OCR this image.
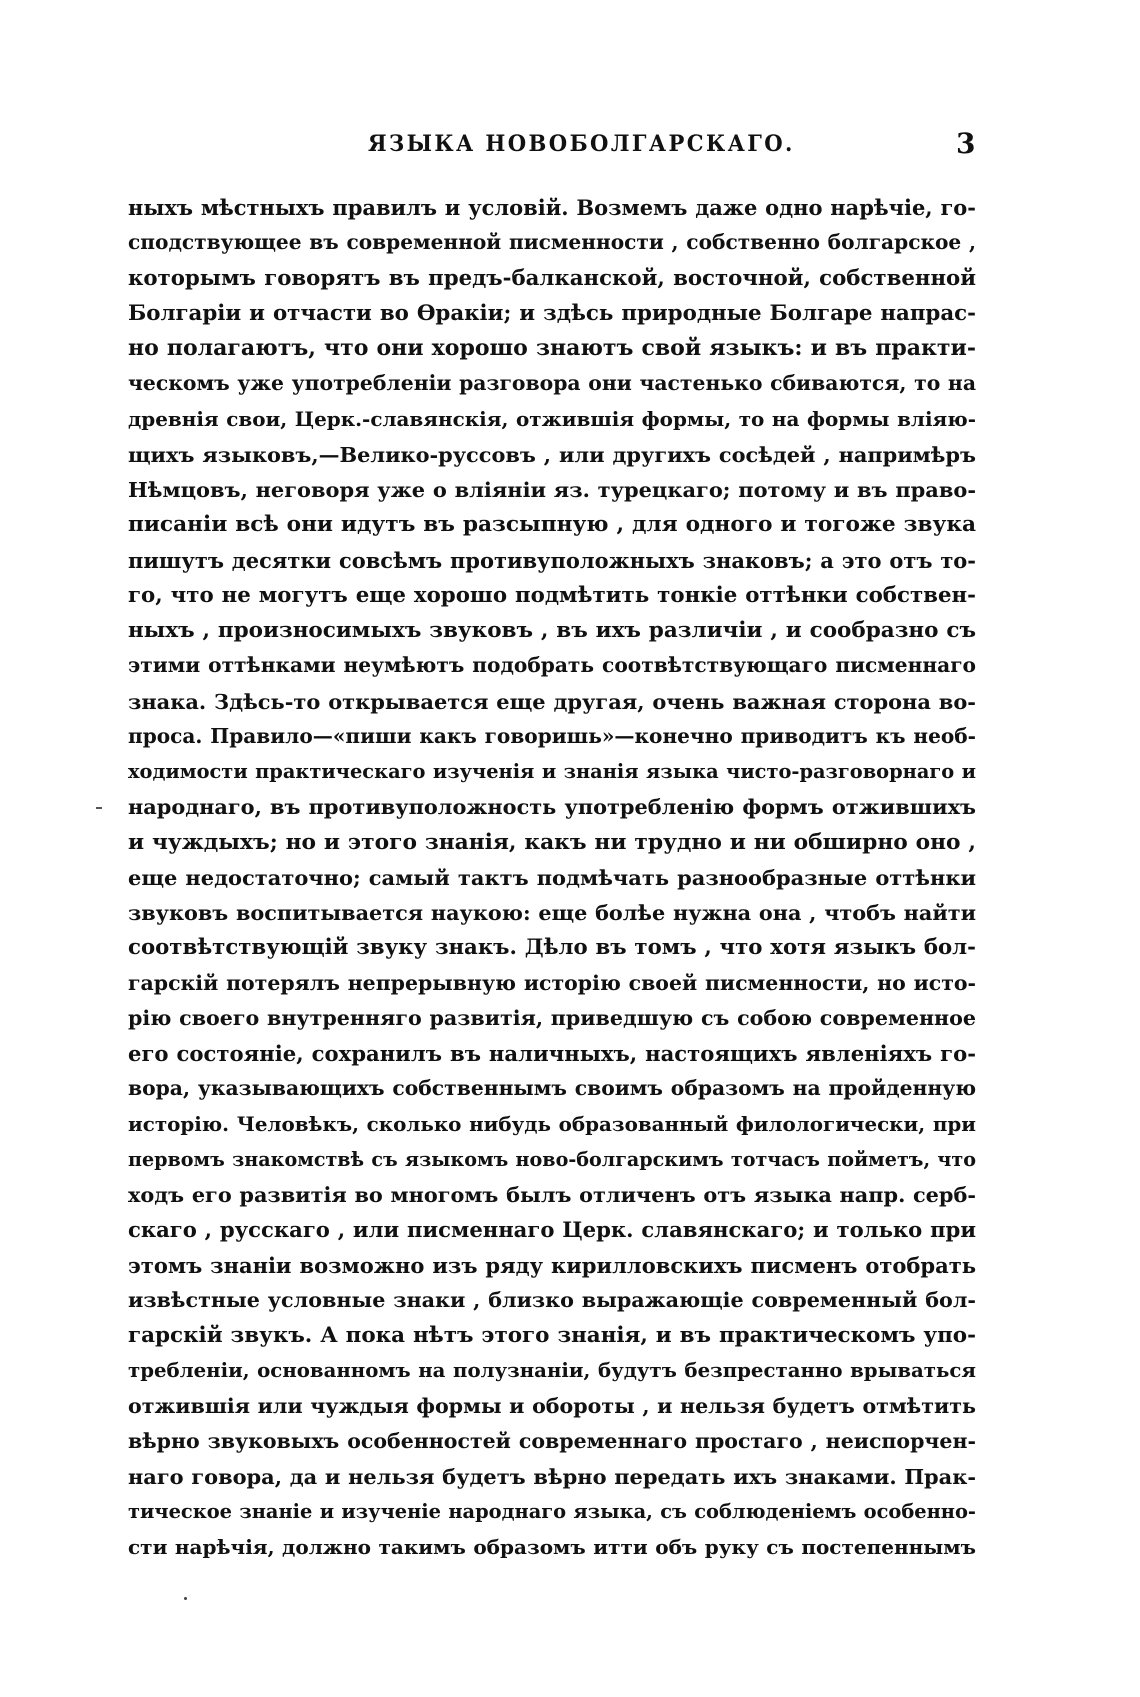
ЯЗЫКА НОВОБОЛГАРСКАГО.	3
ныхъ мѣстныхъ правилъ и условій. Возмемъ даже одно нарѣчіе, го-
сподствующее въ современной писменности , собственно болгарское ,
которымъ говорятъ въ предъ-балканской, восточной, собственной
Болгаріи и отчасти во Ѳракіи; и здѣсь природные Болгаре напрас-
но полагаютъ, что они хорошо знаютъ свой языкъ: и въ практи-
ческомъ уже употребленіи разговора они частенько сбиваются, то на
древнія свои, Церк.-славянскія, отжившія формы, то на формы вліяю-
щихъ языковъ,—Велико-руссовъ , или другихъ сосѣдей , напримѣръ
Нѣмцовъ, неговоря уже о вліяніи яз. турецкаго; потому и въ право-
писаніи всѣ они идутъ въ разсыпную , для одного и тогоже звука
пишутъ десятки совсѣмъ противуположныхъ знаковъ; а это отъ то-
го, что не могутъ еще хорошо подмѣтить тонкіе оттѣнки собствен-
ныхъ , произносимыхъ звуковъ , въ ихъ различіи , и сообразно съ
этими оттѣнками неумѣютъ подобрать соотвѣтствующаго писменнаго
знака. Здѣсь-то открывается еще другая, очень важная сторона во-
проса. Правило—«пиши какъ говоришь»—конечно приводитъ къ необ-
ходимости практическаго изученія и знанія языка чисто-разговорнаго и
народнаго, въ противуположность употребленію формъ отжившихъ
и чуждыхъ; но и этого знанія, какъ ни трудно и ни обширно оно ,
еще недостаточно; самый тактъ подмѣчать разнообразные оттѣнки
звуковъ воспитывается наукою: еще болѣе нужна она , чтобъ найти
соотвѣтствующій звуку знакъ. Дѣло въ томъ , что хотя языкъ бол-
гарскій потерялъ непрерывную исторію своей писменности, но исто-
рію своего внутренняго развитія, приведшую съ собою современное
его состояніе, сохранилъ въ наличныхъ, настоящихъ явленіяхъ го-
вора, указывающихъ собственнымъ своимъ образомъ на пройденную
исторію. Человѣкъ, сколько нибудь образованный филологически, при
первомъ знакомствѣ съ языкомъ ново-болгарскимъ тотчасъ пойметъ, что
ходъ его развитія во многомъ былъ отличенъ отъ языка напр. серб-
скаго , русскаго , или писменнаго Церк. славянскаго; и только при
этомъ знаніи возможно изъ ряду кирилловскихъ писменъ отобрать
извѣстные условные знаки , близко выражающіе современный бол-
гарскій звукъ. А пока нѣтъ этого знанія, и въ практическомъ упо-
требленіи, основанномъ на полузнаніи, будутъ безпрестанно врываться
отжившія или чуждыя формы и обороты , и нельзя будетъ отмѣтить
вѣрно звуковыхъ особенностей современнаго простаго , неиспорчен-
наго говора, да и нельзя будетъ вѣрно передать ихъ знаками. Прак-
тическое знаніе и изученіе народнаго языка, съ соблюденіемъ особенно-
сти нарѣчія, должно такимъ образомъ итти объ руку съ постепеннымъ
